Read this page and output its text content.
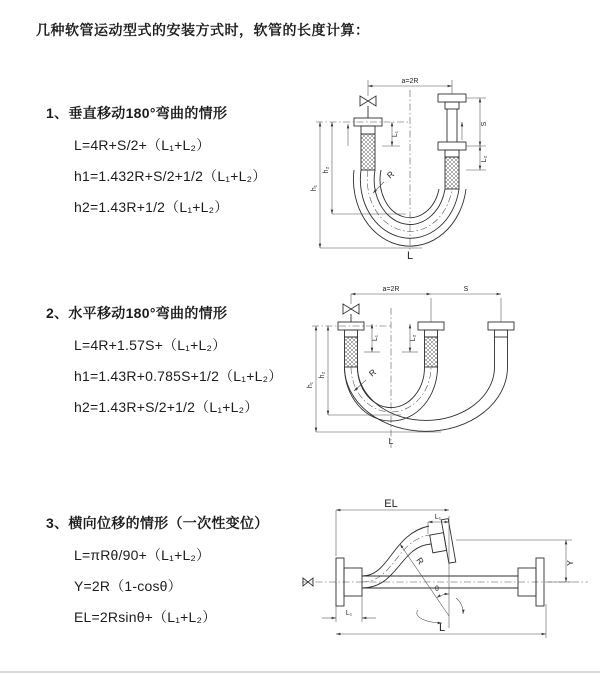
几种软管运动型式的安装方式时，软管的长度计算：
1、垂直移动180°弯曲的情形
L=4R+S/2+（L₁+L₂）
h1=1.432R+S/2+1/2（L₁+L₂）
h2=1.43R+1/2（L₁+L₂）
2、水平移动180°弯曲的情形
L=4R+1.57S+（L₁+L₂）
h1=1.43R+0.785S+1/2（L₁+L₂）
h2=1.43R+S/2+1/2（L₁+L₂）
3、横向位移的情形（一次性变位）
L=πRθ/90+（L₁+L₂）
Y=2R（1-cosθ）
EL=2Rsinθ+（L₁+L₂）
a=2R
S
L₂
h₁
h₂
L₁
R
L
a=2R	S
L₁	L₂
h₁
h₂	R
L
EL
L₁
θ
R	Y
L₁
L
